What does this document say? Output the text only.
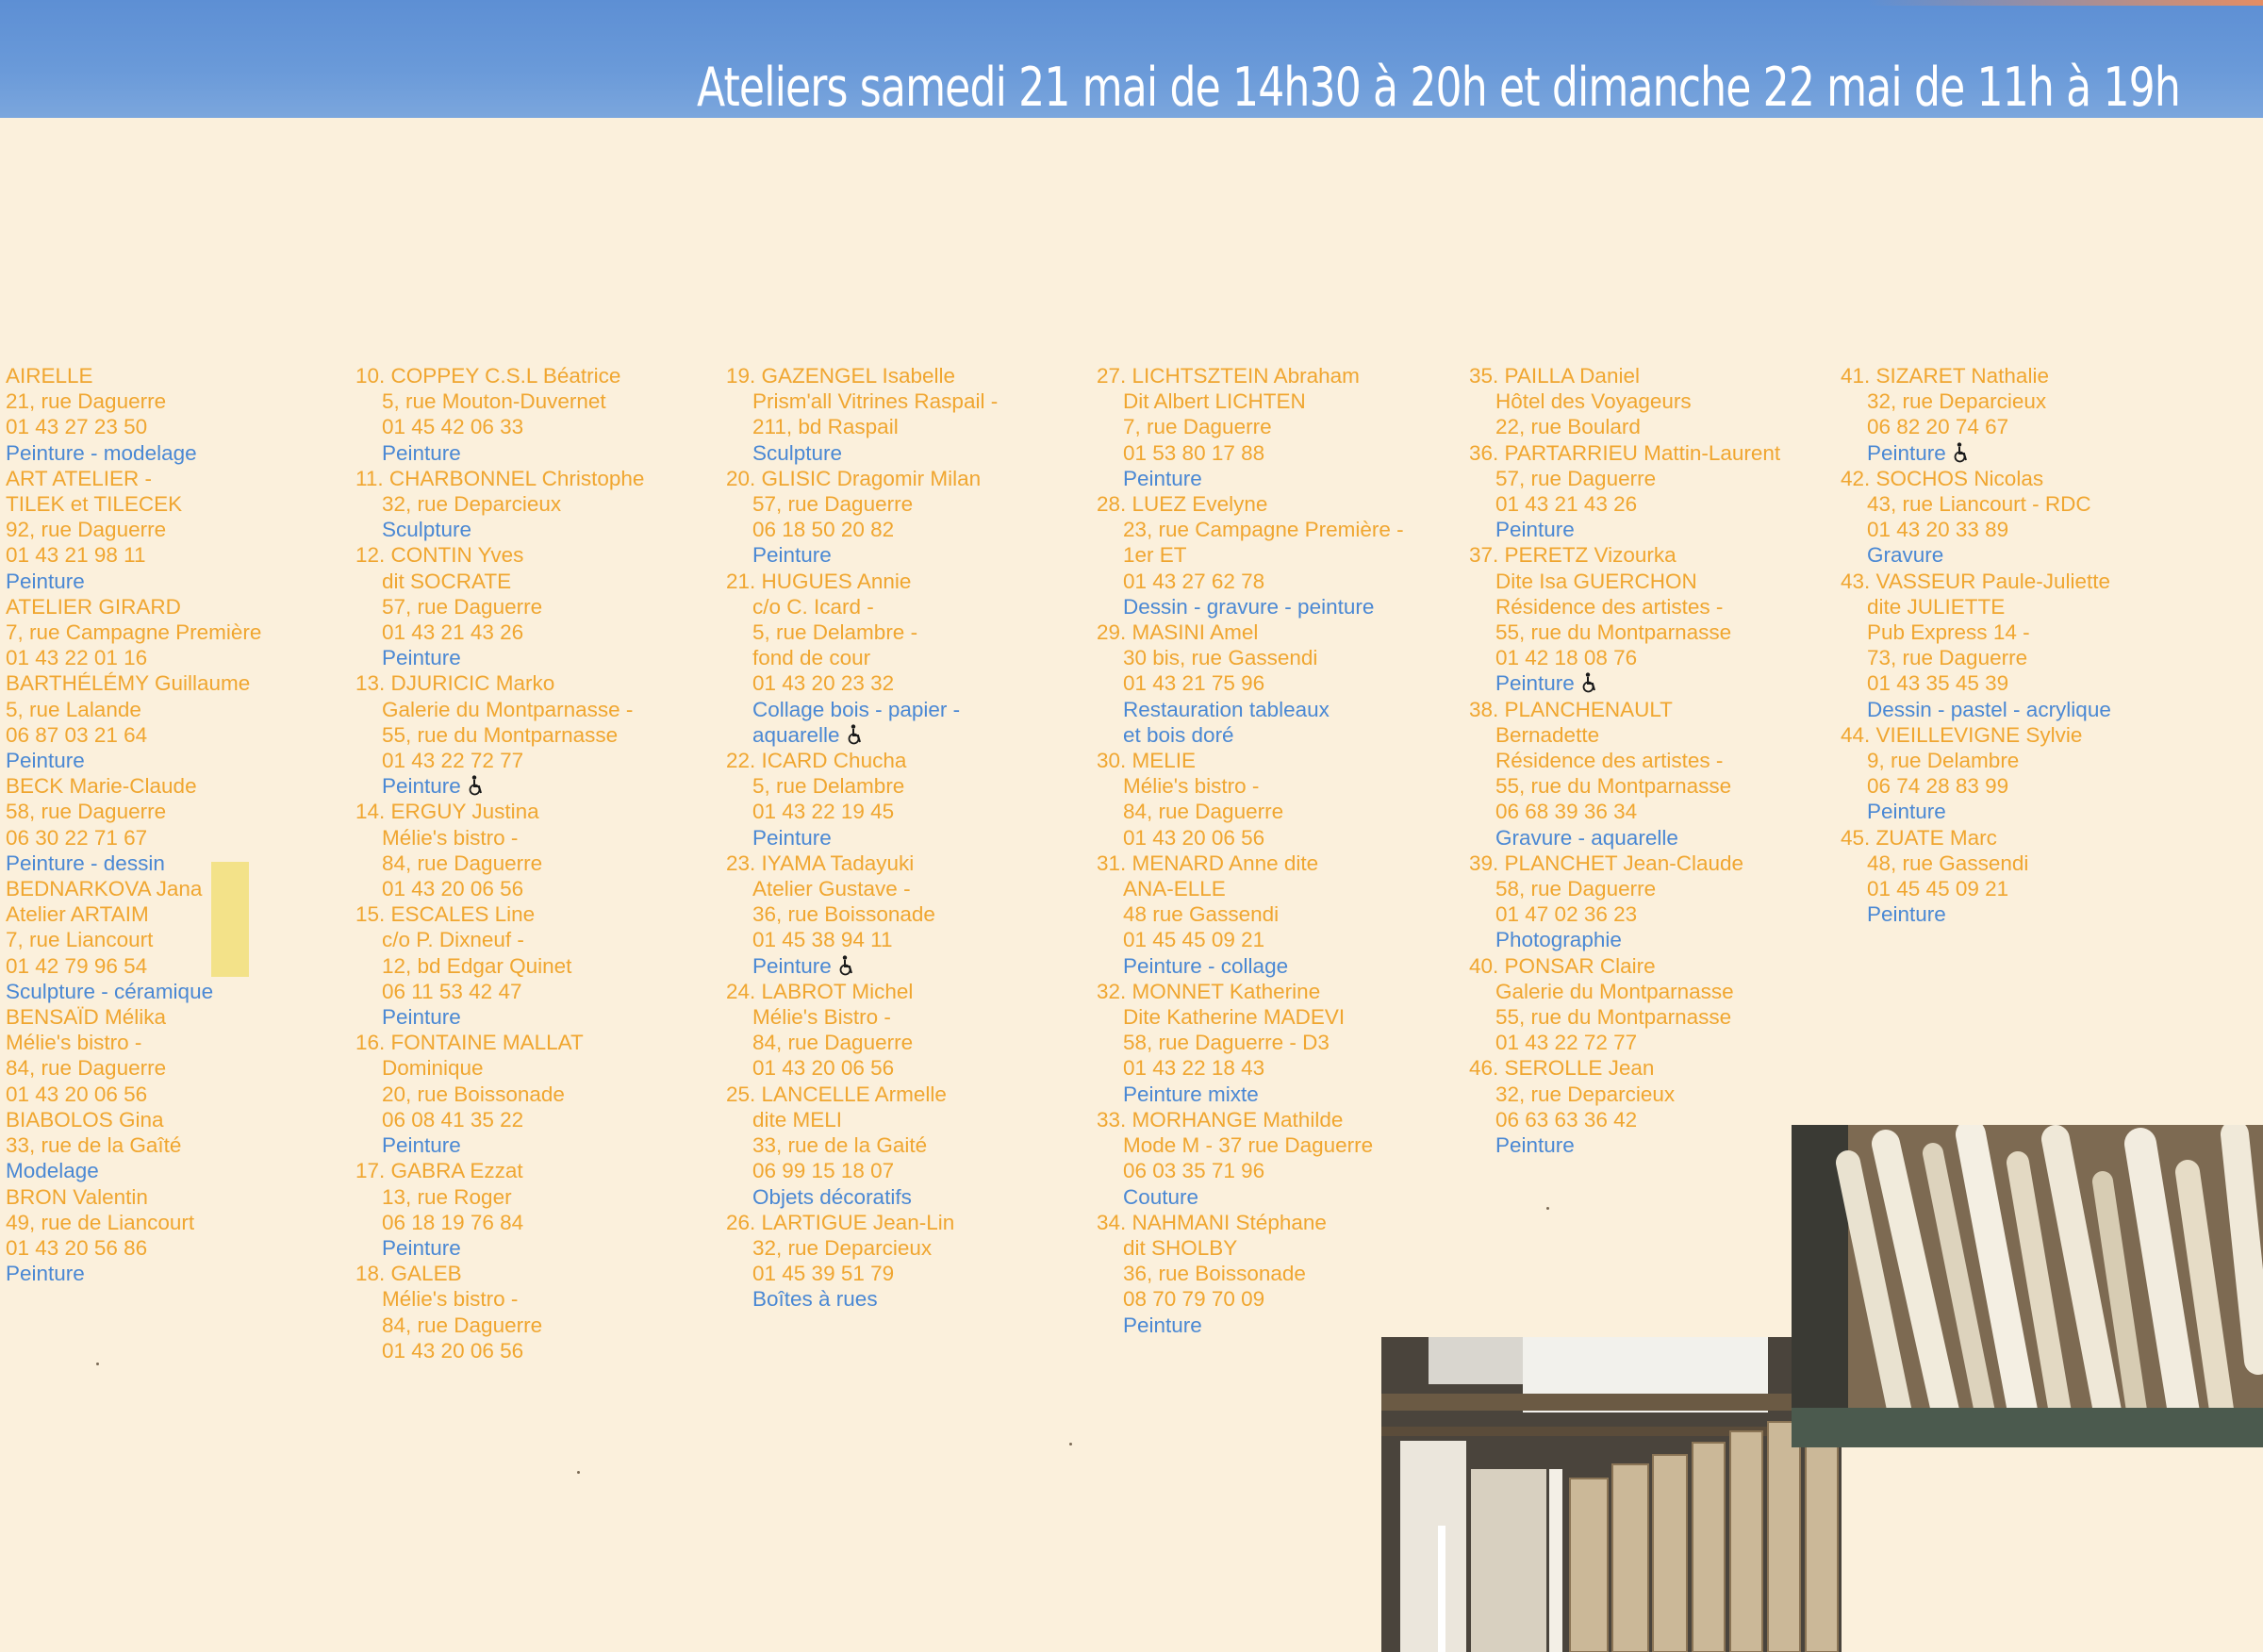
Ateliers samedi 21 mai de 14h30 à 20h et dimanche 22 mai de 11h à 19h
AIRELLE
21, rue Daguerre
01 43 27 23 50
Peinture - modelage
ART ATELIER -
TILEK et TILECEK
92, rue Daguerre
01 43 21 98 11
Peinture
ATELIER GIRARD
7, rue Campagne Première
01 43 22 01 16
BARTHÉLÉMY Guillaume
5, rue Lalande
06 87 03 21 64
Peinture
BECK Marie-Claude
58, rue Daguerre
06 30 22 71 67
Peinture - dessin
BEDNARKOVA Jana
Atelier ARTAIM
7, rue Liancourt
01 42 79 96 54
Sculpture - céramique
BENSAÏD Mélika
Mélie's bistro -
84, rue Daguerre
01 43 20 06 56
BIABOLOS Gina
33, rue de la Gaîté
Modelage
BRON Valentin
49, rue de Liancourt
01 43 20 56 86
Peinture
10. COPPEY C.S.L Béatrice
5, rue Mouton-Duvernet
01 45 42 06 33
Peinture
11. CHARBONNEL Christophe
32, rue Deparcieux
Sculpture
12. CONTIN Yves
dit SOCRATE
57, rue Daguerre
01 43 21 43 26
Peinture
13. DJURICIC Marko
Galerie du Montparnasse -
55, rue du Montparnasse
01 43 22 72 77
Peinture
14. ERGUY Justina
Mélie's bistro -
84, rue Daguerre
01 43 20 06 56
15. ESCALES Line
c/o P. Dixneuf -
12, bd Edgar Quinet
06 11 53 42 47
Peinture
16. FONTAINE MALLAT
Dominique
20, rue Boissonade
06 08 41 35 22
Peinture
17. GABRA Ezzat
13, rue Roger
06 18 19 76 84
Peinture
18. GALEB
Mélie's bistro -
84, rue Daguerre
01 43 20 06 56
19. GAZENGEL Isabelle
Prism'all Vitrines Raspail -
211, bd Raspail
Sculpture
20. GLISIC Dragomir Milan
57, rue Daguerre
06 18 50 20 82
Peinture
21. HUGUES Annie
c/o C. Icard -
5, rue Delambre -
fond de cour
01 43 20 23 32
Collage bois - papier -
aquarelle
22. ICARD Chucha
5, rue Delambre
01 43 22 19 45
Peinture
23. IYAMA Tadayuki
Atelier Gustave -
36, rue Boissonade
01 45 38 94 11
Peinture
24. LABROT Michel
Mélie's Bistro -
84, rue Daguerre
01 43 20 06 56
25. LANCELLE Armelle
dite MELI
33, rue de la Gaité
06 99 15 18 07
Objets décoratifs
26. LARTIGUE Jean-Lin
32, rue Deparcieux
01 45 39 51 79
Boîtes à rues
27. LICHTSZTEIN Abraham
Dit Albert LICHTEN
7, rue Daguerre
01 53 80 17 88
Peinture
28. LUEZ Evelyne
23, rue Campagne Première -
1er ET
01 43 27 62 78
Dessin - gravure - peinture
29. MASINI Amel
30 bis, rue Gassendi
01 43 21 75 96
Restauration tableaux
et bois doré
30. MELIE
Mélie's bistro -
84, rue Daguerre
01 43 20 06 56
31. MENARD Anne dite
ANA-ELLE
48 rue Gassendi
01 45 45 09 21
Peinture - collage
32. MONNET Katherine
Dite Katherine MADEVI
58, rue Daguerre - D3
01 43 22 18 43
Peinture mixte
33. MORHANGE Mathilde
Mode M - 37 rue Daguerre
06 03 35 71 96
Couture
34. NAHMANI Stéphane
dit SHOLBY
36, rue Boissonade
08 70 79 70 09
Peinture
35. PAILLA Daniel
Hôtel des Voyageurs
22, rue Boulard
36. PARTARRIEU Mattin-Laurent
57, rue Daguerre
01 43 21 43 26
Peinture
37. PERETZ Vizourka
Dite Isa GUERCHON
Résidence des artistes -
55, rue du Montparnasse
01 42 18 08 76
Peinture
38. PLANCHENAULT
Bernadette
Résidence des artistes -
55, rue du Montparnasse
06 68 39 36 34
Gravure - aquarelle
39. PLANCHET Jean-Claude
58, rue Daguerre
01 47 02 36 23
Photographie
40. PONSAR Claire
Galerie du Montparnasse
55, rue du Montparnasse
01 43 22 72 77
46. SEROLLE Jean
32, rue Deparcieux
06 63 63 36 42
Peinture
41. SIZARET Nathalie
32, rue Deparcieux
06 82 20 74 67
Peinture
42. SOCHOS Nicolas
43, rue Liancourt - RDC
01 43 20 33 89
Gravure
43. VASSEUR Paule-Juliette
dite JULIETTE
Pub Express 14 -
73, rue Daguerre
01 43 35 45 39
Dessin - pastel - acrylique
44. VIEILLEVIGNE Sylvie
9, rue Delambre
06 74 28 83 99
Peinture
45. ZUATE Marc
48, rue Gassendi
01 45 45 09 21
Peinture
